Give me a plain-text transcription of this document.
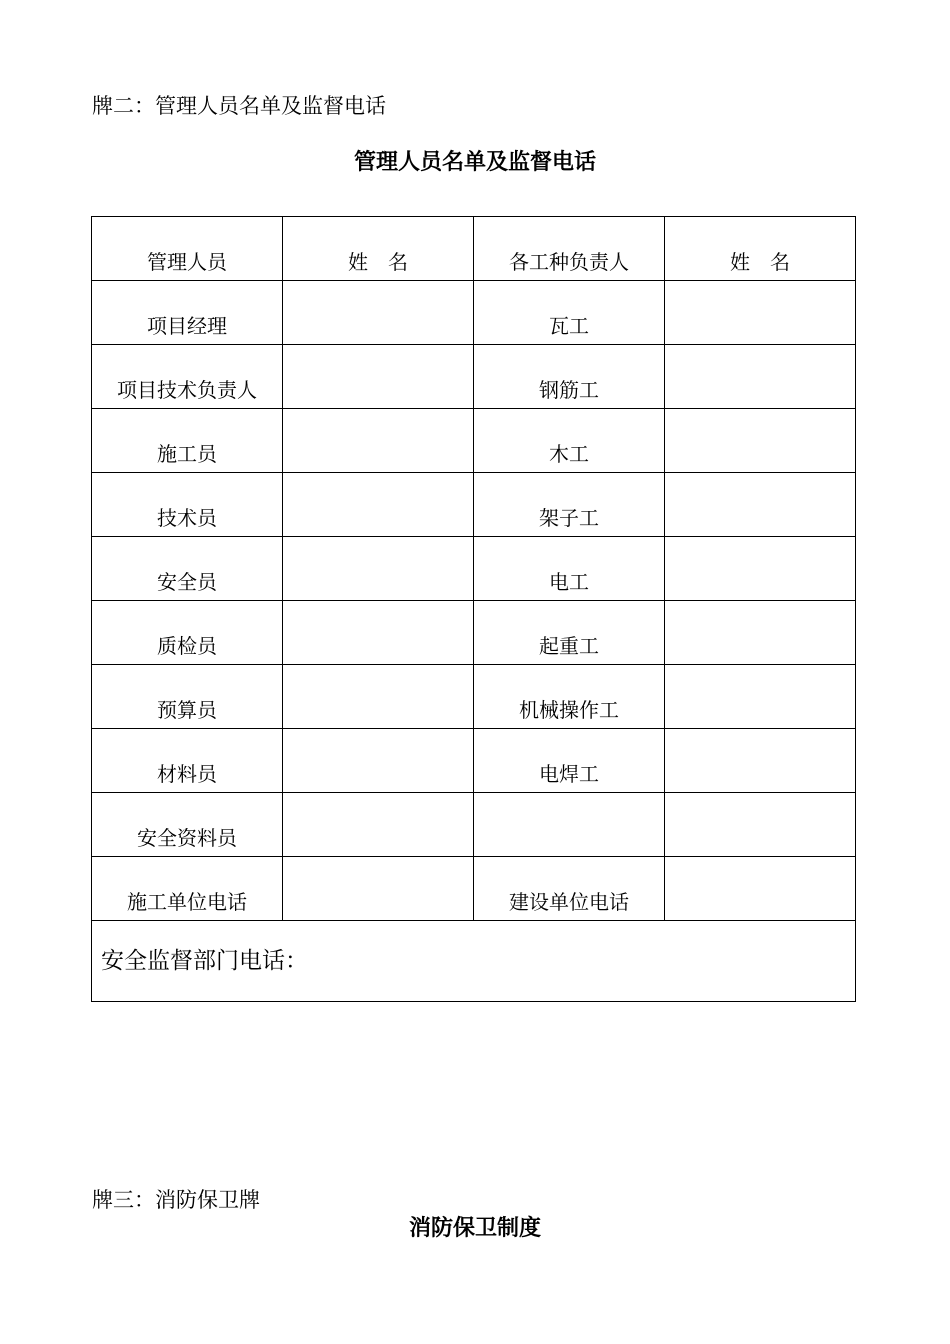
牌二：管理人员名单及监督电话
管理人员名单及监督电话
管理人员	姓　名	各工种负责人	姓　名
项目经理		瓦工	
项目技术负责人		钢筋工	
施工员		木工	
技术员		架子工	
安全员		电工	
质检员		起重工	
预算员		机械操作工	
材料员		电焊工	
安全资料员			
施工单位电话		建设单位电话	
安全监督部门电话：			
牌三：消防保卫牌
消防保卫制度
